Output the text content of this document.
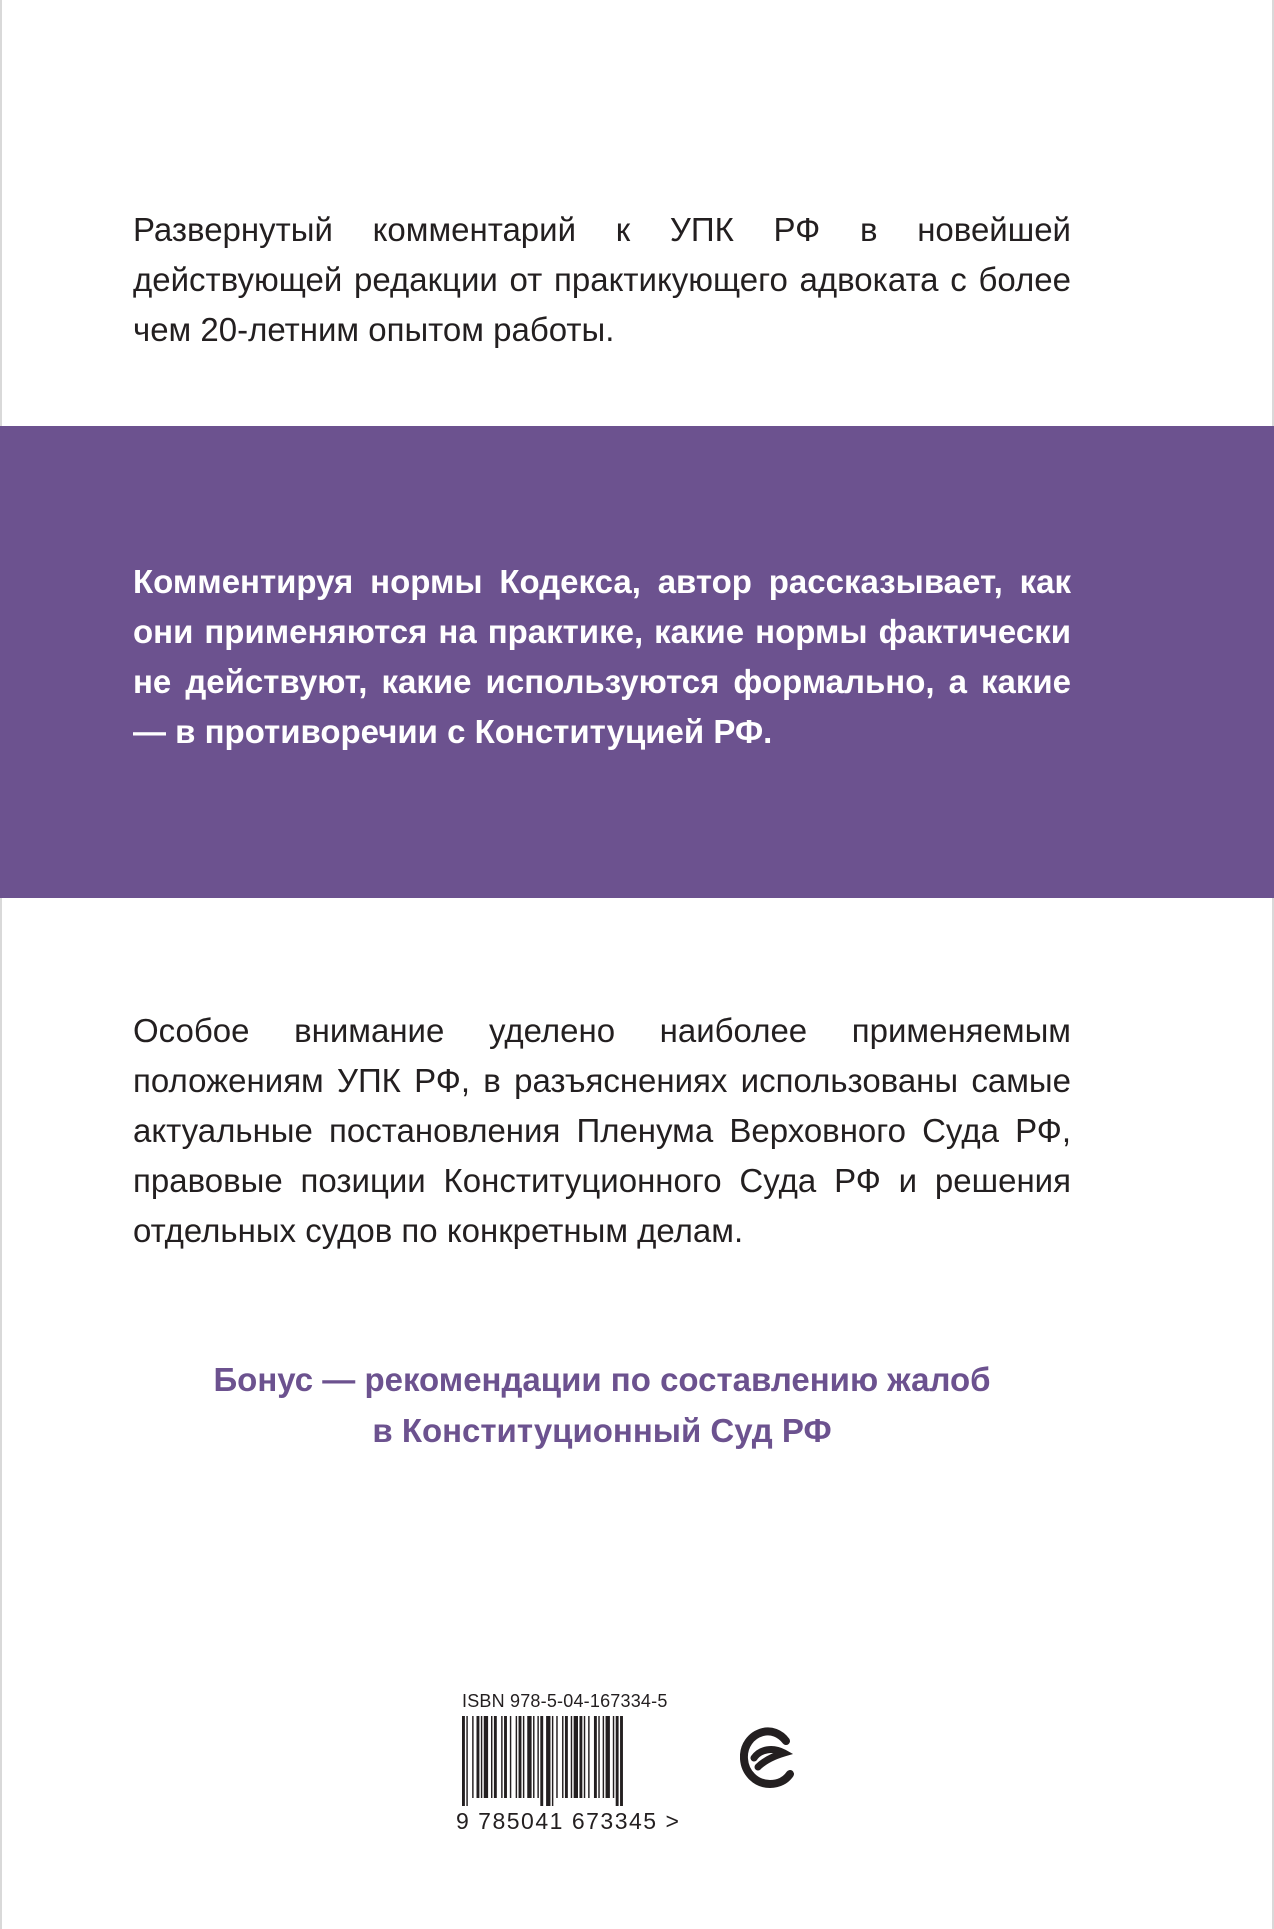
Развернутый комментарий к УПК РФ в новейшей действующей редакции от практикующего адвоката с более чем 20-летним опытом работы.

Комментируя нормы Кодекса, автор рассказывает, как они применяются на практике, какие нормы фактически не действуют, какие используются формально, а какие — в противоречии с Конституцией РФ.

Особое внимание уделено наиболее применяемым положениям УПК РФ, в разъяснениях использованы самые актуальные постановления Пленума Верховного Суда РФ, правовые позиции Конституционного Суда РФ и решения отдельных судов по конкретным делам.

Бонус — рекомендации по составлению жалоб
в Конституционный Суд РФ

ISBN 978-5-04-167334-5
9 785041 673345 >
